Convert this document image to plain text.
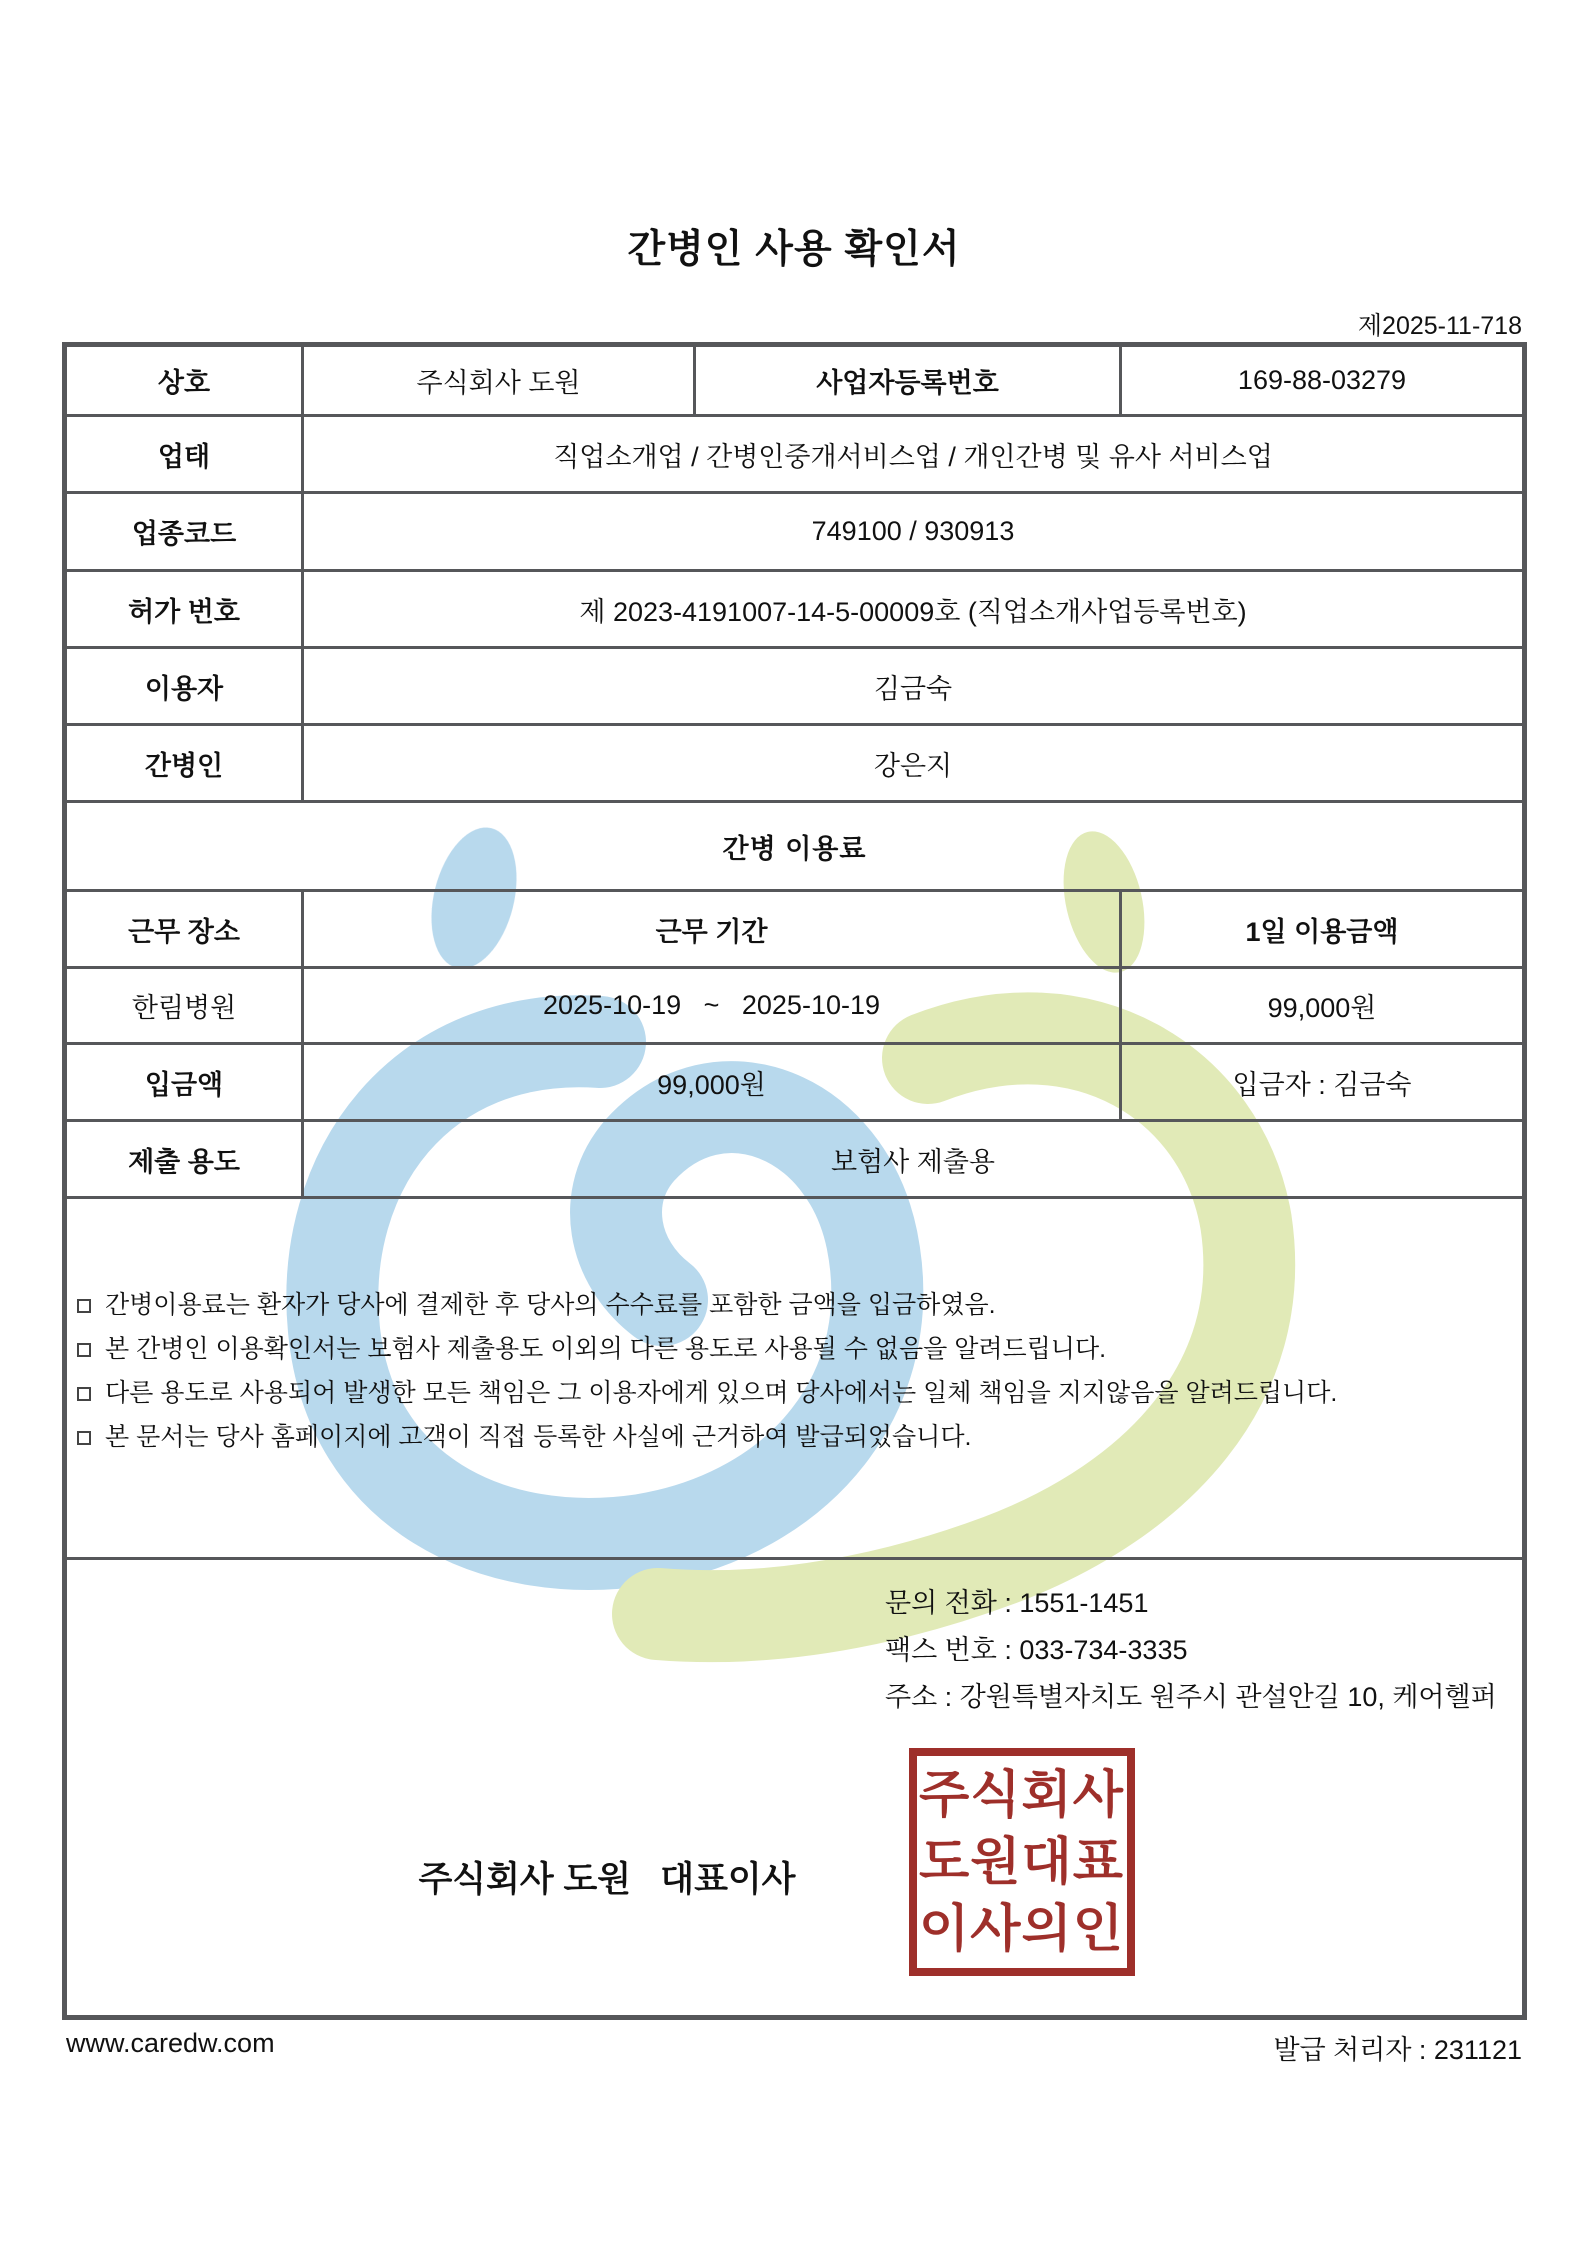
간병인 사용 확인서
제2025-11-718
상호	주식회사 도원	사업자등록번호	169-88-03279
업태	직업소개업 / 간병인중개서비스업 / 개인간병 및 유사 서비스업		
업종코드	749100 / 930913		
허가 번호	제 2023-4191007-14-5-00009호 (직업소개사업등록번호)		
이용자	김금숙		
간병인	강은지		
간병 이용료			
근무 장소	근무 기간		1일 이용금액
한림병원	2025-10-19   ~   2025-10-19		99,000원
입금액	99,000원		입금자 : 김금숙
제출 용도	보험사 제출용		

간병이용료는 환자가 당사에 결제한 후 당사의 수수료를 포함한 금액을 입금하였음.
본 간병인 이용확인서는 보험사 제출용도 이외의 다른 용도로 사용될 수 없음을 알려드립니다.
다른 용도로 사용되어 발생한 모든 책임은 그 이용자에게 있으며 당사에서는 일체 책임을 지지않음을 알려드립니다.
본 문서는 당사 홈페이지에 고객이 직접 등록한 사실에 근거하여 발급되었습니다.			

문의 전화 : 1551-1451
팩스 번호 : 033-734-3335
주소 : 강원특별자치도 원주시 관설안길 10, 케어헬퍼
주식회사 도원   대표이사
주식회사
도원대표
이사의인
www.caredw.com	발급 처리자 : 231121
